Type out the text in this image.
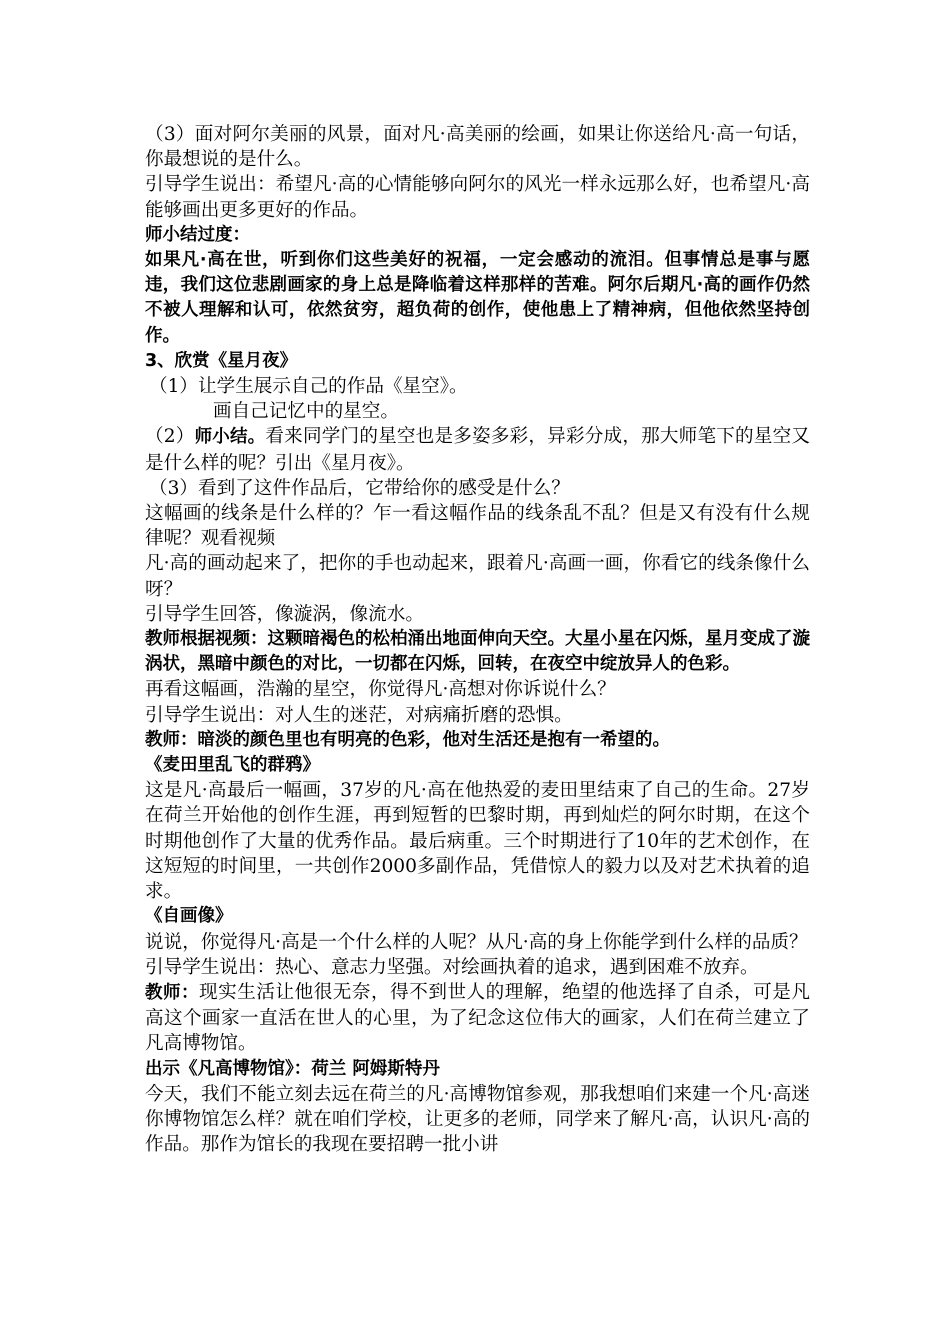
（3）面对阿尔美丽的风景，面对凡·高美丽的绘画，如果让你送给凡·高一句话，你最想说的是什么。

引导学生说出：希望凡·高的心情能够向阿尔的风光一样永远那么好，也希望凡·高能够画出更多更好的作品。

师小结过度：

如果凡·高在世，听到你们这些美好的祝福，一定会感动的流泪。但事情总是事与愿违，我们这位悲剧画家的身上总是降临着这样那样的苦难。阿尔后期凡·高的画作仍然不被人理解和认可，依然贫穷，超负荷的创作，使他患上了精神病，但他依然坚持创作。

3、欣赏《星月夜》

（1）让学生展示自己的作品《星空》。

画自己记忆中的星空。

（2）师小结。看来同学门的星空也是多姿多彩，异彩分成，那大师笔下的星空又是什么样的呢？引出《星月夜》。

（3）看到了这件作品后，它带给你的感受是什么？

这幅画的线条是什么样的？乍一看这幅作品的线条乱不乱？但是又有没有什么规律呢？观看视频

凡·高的画动起来了，把你的手也动起来，跟着凡·高画一画，你看它的线条像什么呀？

引导学生回答，像漩涡，像流水。

教师根据视频：这颗暗褐色的松柏涌出地面伸向天空。大星小星在闪烁，星月变成了漩涡状，黑暗中颜色的对比，一切都在闪烁，回转，在夜空中绽放异人的色彩。

再看这幅画，浩瀚的星空，你觉得凡·高想对你诉说什么？

引导学生说出：对人生的迷茫，对病痛折磨的恐惧。

教师：暗淡的颜色里也有明亮的色彩，他对生活还是抱有一希望的。

《麦田里乱飞的群鸦》

这是凡·高最后一幅画，37岁的凡·高在他热爱的麦田里结束了自己的生命。27岁在荷兰开始他的创作生涯，再到短暂的巴黎时期，再到灿烂的阿尔时期，在这个时期他创作了大量的优秀作品。最后病重。三个时期进行了10年的艺术创作，在这短短的时间里，一共创作2000多副作品，凭借惊人的毅力以及对艺术执着的追求。

《自画像》

说说，你觉得凡·高是一个什么样的人呢？从凡·高的身上你能学到什么样的品质？

引导学生说出：热心、意志力坚强。对绘画执着的追求，遇到困难不放弃。

教师：现实生活让他很无奈，得不到世人的理解，绝望的他选择了自杀，可是凡高这个画家一直活在世人的心里，为了纪念这位伟大的画家，人们在荷兰建立了凡高博物馆。

出示《凡高博物馆》：荷兰 阿姆斯特丹

今天，我们不能立刻去远在荷兰的凡·高博物馆参观，那我想咱们来建一个凡·高迷你博物馆怎么样？就在咱们学校，让更多的老师，同学来了解凡·高，认识凡·高的作品。那作为馆长的我现在要招聘一批小讲
